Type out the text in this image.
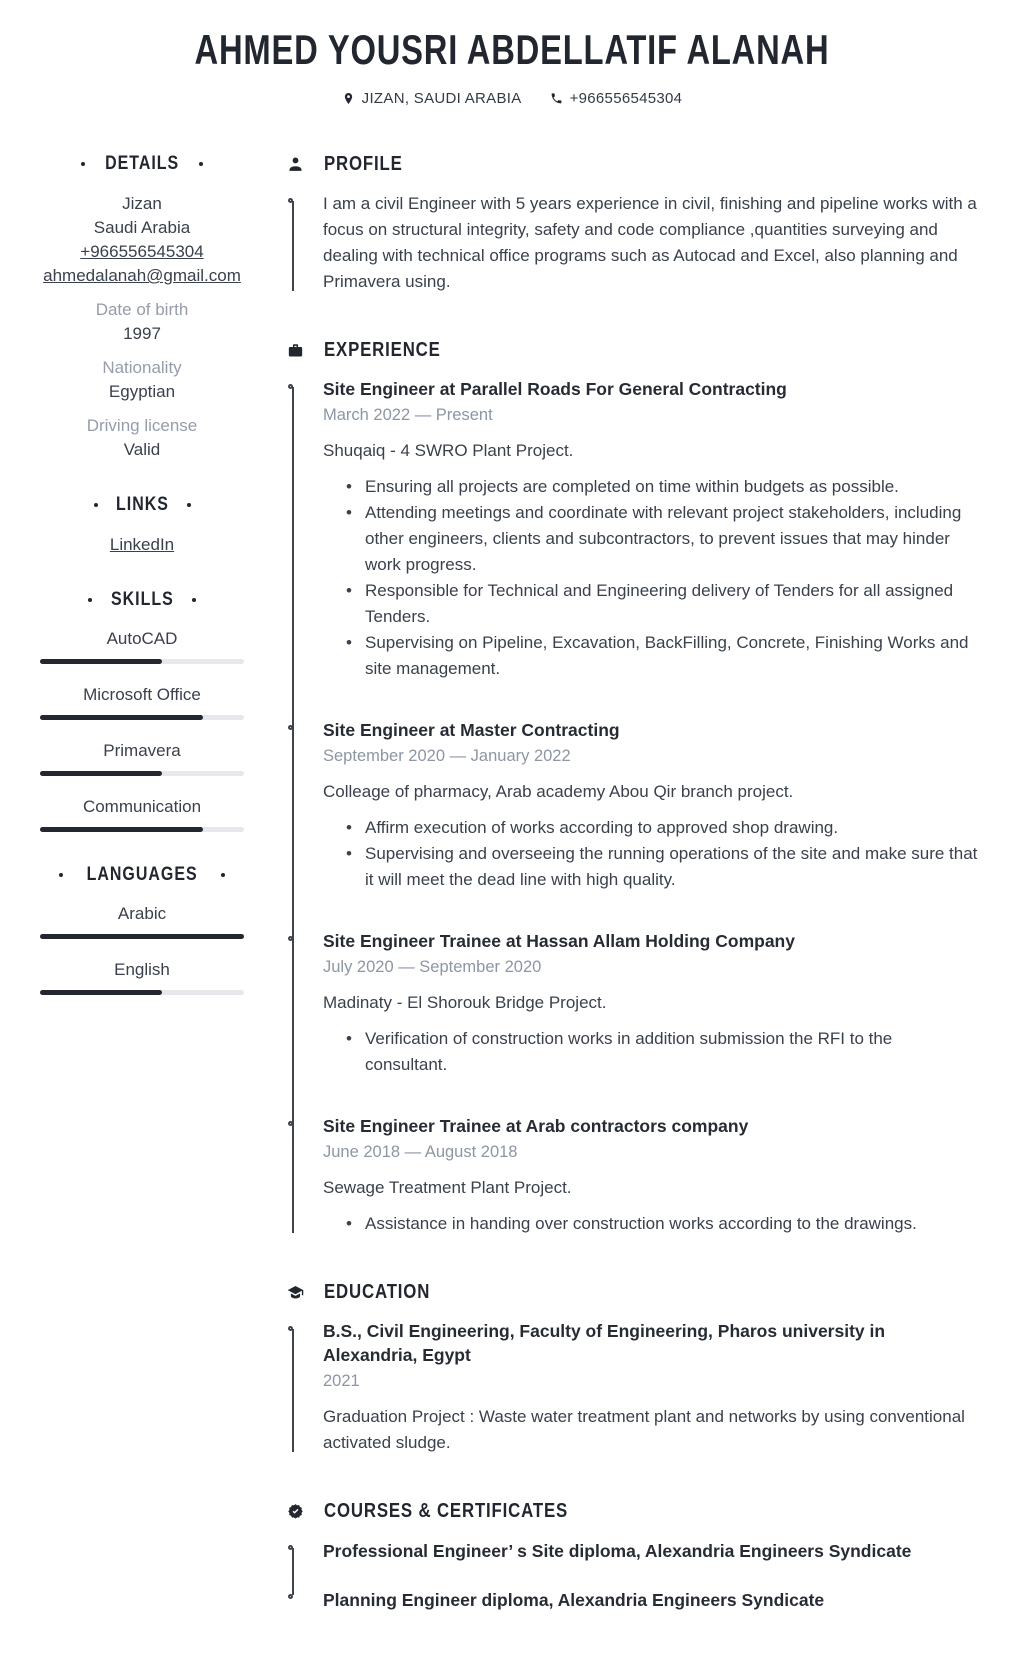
AHMED YOUSRI ABDELLATIF ALANAH
JIZAN, SAUDI ARABIA	+966556545304
DETAILS
Jizan
Saudi Arabia
+966556545304
ahmedalanah@gmail.com
Date of birth
1997
Nationality
Egyptian
Driving license
Valid
LINKS
LinkedIn
SKILLS
AutoCAD
Microsoft Office
Primavera
Communication
LANGUAGES
Arabic
English
PROFILE

I am a civil Engineer with 5 years experience in civil, finishing and pipeline works with a focus on structural integrity, safety and code compliance ,quantities surveying and dealing with technical office programs such as Autocad and Excel, also planning and Primavera using.

EXPERIENCE
Site Engineer at Parallel Roads For General Contracting
March 2022 — Present
Shuqaiq - 4 SWRO Plant Project.
• Ensuring all projects are completed on time within budgets as possible.
• Attending meetings and coordinate with relevant project stakeholders, including other engineers, clients and subcontractors, to prevent issues that may hinder work progress.
• Responsible for Technical and Engineering delivery of Tenders for all assigned Tenders.
• Supervising on Pipeline, Excavation, BackFilling, Concrete, Finishing Works and site management.
Site Engineer at Master Contracting
September 2020 — January 2022
Colleage of pharmacy, Arab academy Abou Qir branch project.
• Affirm execution of works according to approved shop drawing.
• Supervising and overseeing the running operations of the site and make sure that it will meet the dead line with high quality.
Site Engineer Trainee at Hassan Allam Holding Company
July 2020 — September 2020
Madinaty - El Shorouk Bridge Project.
• Verification of construction works in addition submission the RFI to the consultant.
Site Engineer Trainee at Arab contractors company
June 2018 — August 2018
Sewage Treatment Plant Project.
• Assistance in handing over construction works according to the drawings.
EDUCATION
B.S., Civil Engineering, Faculty of Engineering, Pharos university in Alexandria, Egypt
2021
Graduation Project : Waste water treatment plant and networks by using conventional activated sludge.
COURSES & CERTIFICATES
Professional Engineer’ s Site diploma, Alexandria Engineers Syndicate
Planning Engineer diploma, Alexandria Engineers Syndicate
